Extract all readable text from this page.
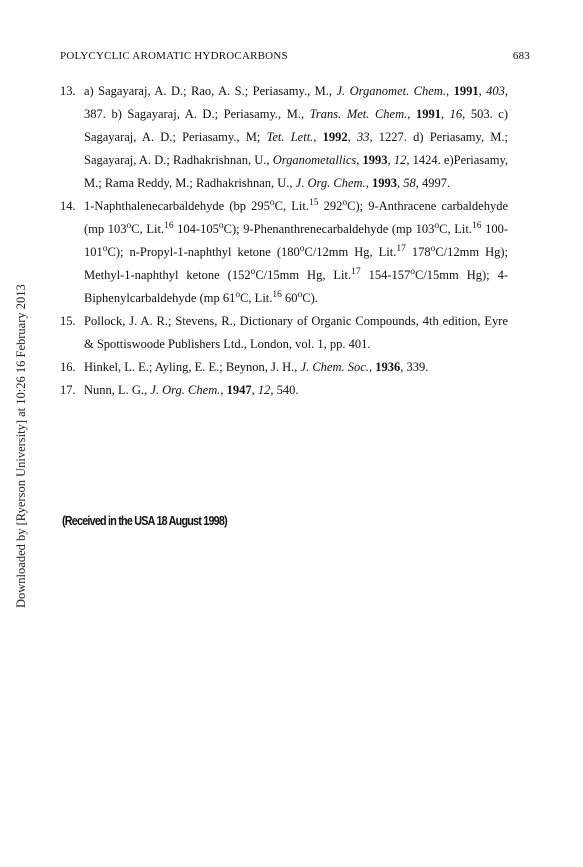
Downloaded by [Ryerson University] at 10:26 16 February 2013
POLYCYCLIC AROMATIC HYDROCARBONS	683
13. a) Sagayaraj, A. D.; Rao, A. S.; Periasamy., M., J. Organomet. Chem., 1991, 403, 387. b) Sagayaraj, A. D.; Periasamy., M., Trans. Met. Chem., 1991, 16, 503. c) Sagayaraj, A. D.; Periasamy., M; Tet. Lett., 1992, 33, 1227. d) Periasamy, M.; Sagayaraj, A. D.; Radhakrishnan, U., Organometallics, 1993, 12, 1424. e)Periasamy, M.; Rama Reddy, M.; Radhakrishnan, U., J. Org. Chem., 1993, 58, 4997.
14. 1-Naphthalenecarbaldehyde (bp 295$^o$C, Lit.$^{15}$ 292$^o$C); 9-Anthracene carbaldehyde (mp 103$^o$C, Lit.$^{16}$ 104-105$^o$C); 9-Phenanthrenecarbaldehyde (mp 103$^o$C, Lit.$^{16}$ 100-101$^o$C); n-Propyl-1-naphthyl ketone (180$^o$C/12mm Hg, Lit.$^{17}$ 178$^o$C/12mm Hg); Methyl-1-naphthyl ketone (152$^o$C/15mm Hg, Lit.$^{17}$ 154-157$^o$C/15mm Hg); 4-Biphenylcarbaldehyde (mp 61$^o$C, Lit.$^{16}$ 60$^o$C).
15. Pollock, J. A. R.; Stevens, R., Dictionary of Organic Compounds, 4th edition, Eyre & Spottiswoode Publishers Ltd., London, vol. 1, pp. 401.
16. Hinkel, L. E.; Ayling, E. E.; Beynon, J. H., J. Chem. Soc., 1936, 339.
17. Nunn, L. G., J. Org. Chem., 1947, 12, 540.
(Received in the USA 18 August 1998)
